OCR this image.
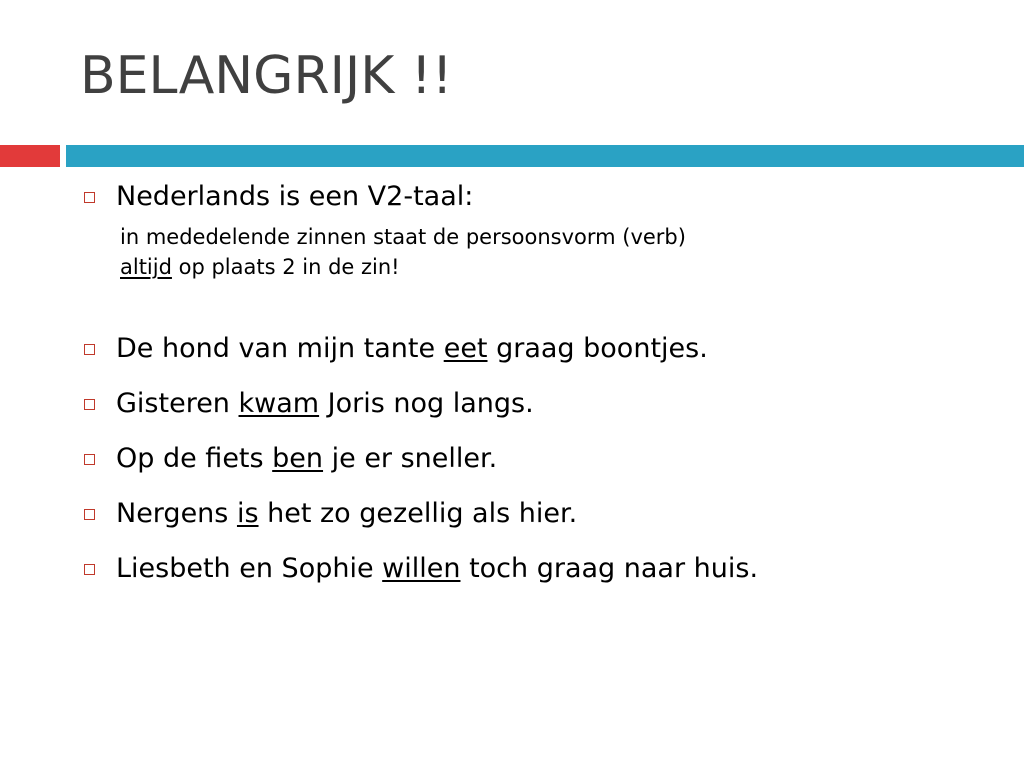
BELANGRIJK !!
Nederlands is een V2-taal:
in mededelende zinnen staat de persoonsvorm (verb)
altijd op plaats 2 in de zin!
De hond van mijn tante eet graag boontjes.
Gisteren kwam Joris nog langs.
Op de fiets ben je er sneller.
Nergens is het zo gezellig als hier.
Liesbeth en Sophie willen toch graag naar huis.
